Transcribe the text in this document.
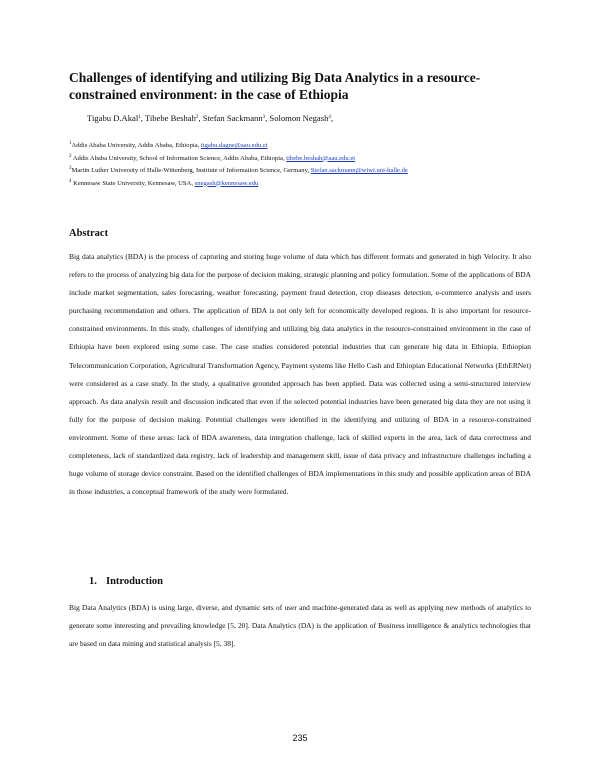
Challenges of identifying and utilizing Big Data Analytics in a resource-constrained environment: in the case of Ethiopia
Tigabu D.Akal$^1$, Tibebe Beshah$^2$, Stefan Sackmann$^3$, Solomon Negash$^4$,
$^1$Addis Ababa University, Addis Ababa, Ethiopia, tigabu.dagne@aau.edu.et
$^2$ Addis Ababa University, School of Information Science, Addis Ababa, Ethiopia, tibebe.beshah@aau.edu.et
$^3$Martin Luther University of Halle-Wittenberg, Institute of Information Science, Germany, Stefan.sackmann@wiwi.uni-halle.de
$^4$ Kennesaw State University, Kennesaw, USA, snegash@kennesaw.edu
Abstract
Big data analytics (BDA) is the process of capturing and storing huge volume of data which has different formats and generated in high Velocity. It also refers to the process of analyzing big data for the purpose of decision making, strategic planning and policy formulation. Some of the applications of BDA include market segmentation, sales forecasting, weather forecasting, payment fraud detection, crop diseases detection, e-commerce analysis and users purchasing recommendation and others. The application of BDA is not only left for economically developed regions. It is also important for resource-constrained environments. In this study, challenges of identifying and utilizing big data analytics in the resource-constrained environment in the case of Ethiopia have been explored using some case. The case studies considered potential industries that can generate big data in Ethiopia. Ethiopian Telecommunication Corporation, Agricultural Transformation Agency, Payment systems like Hello Cash and Ethiopian Educational Networks (EthERNet) were considered as a case study. In the study, a qualitative grounded approach has been applied. Data was collected using a semi-structured interview approach. As data analysis result and discussion indicated that even if the selected potential industries have been generated big data they are not using it fully for the purpose of decision making. Potential challenges were identified in the identifying and utilizing of BDA in a resource-constrained environment. Some of these areas: lack of BDA awareness, data integration challenge, lack of skilled experts in the area, lack of data correctness and completeness, lack of standardized data registry, lack of leadership and management skill, issue of data privacy and infrastructure challenges including a huge volume of storage device constraint. Based on the identified challenges of BDA implementations in this study and possible application areas of BDA in those industries, a conceptual framework of the study were formulated.
1. Introduction
Big Data Analytics (BDA) is using large, diverse, and dynamic sets of user and machine-generated data as well as applying new methods of analytics to generate some interesting and prevailing knowledge [5, 20]. Data Analytics (DA) is the application of Business intelligence & analytics technologies that are based on data mining and statistical analysis [5, 38].
235
